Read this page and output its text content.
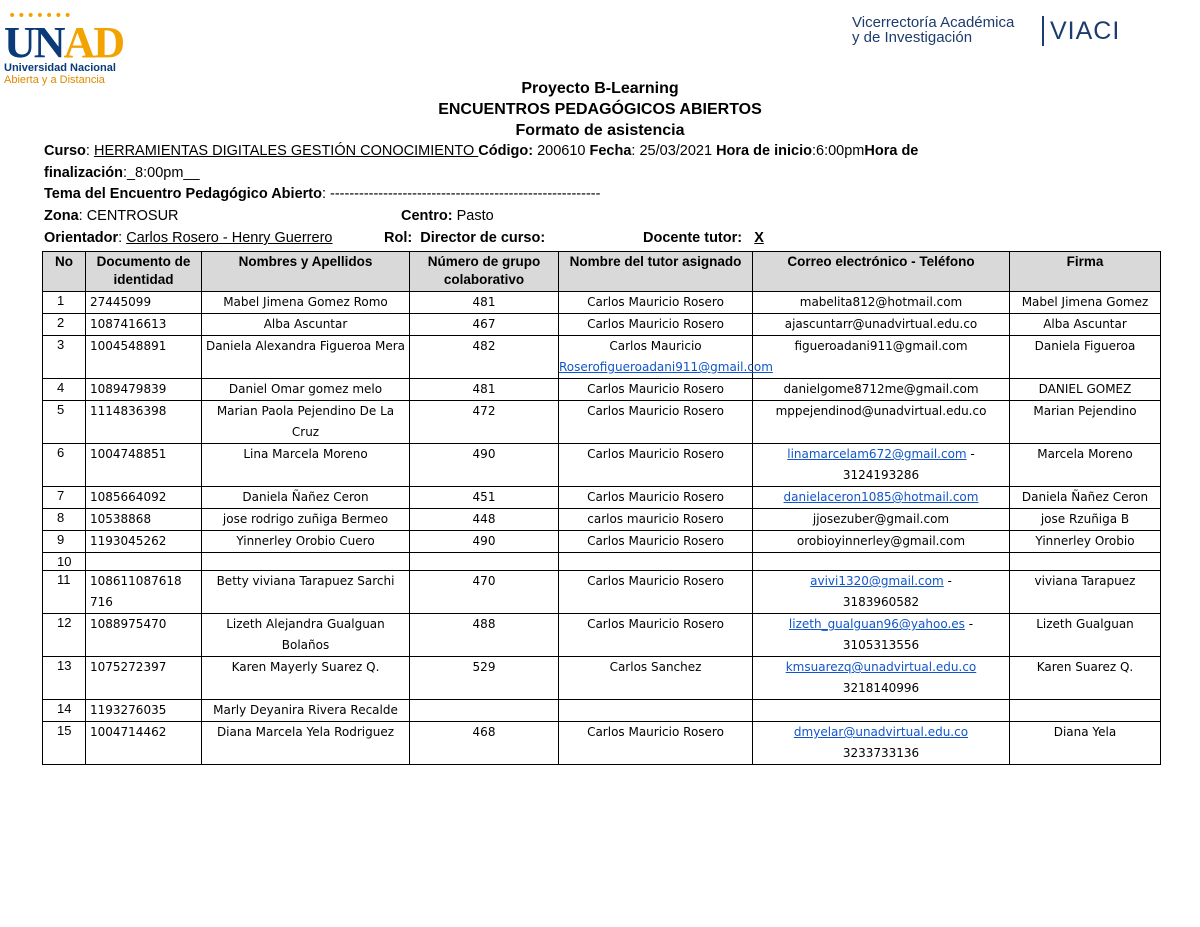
•••••••
UNAD
Universidad Nacional
Abierta y a Distancia
Vicerrectoría Académica
y de Investigación	VIACI
Proyecto B-Learning
ENCUENTROS PEDAGÓGICOS ABIERTOS
Formato de asistencia
Curso: HERRAMIENTAS DIGITALES GESTIÓN CONOCIMIENTO Código: 200610 Fecha: 25/03/2021 Hora de inicio:6:00pmHora de
finalización:_8:00pm__
Tema del Encuentro Pedagógico Abierto: --------------------------------------------------------
Zona: CENTROSUR	Centro: Pasto
Orientador: Carlos Rosero - Henry Guerrero	Rol: Director de curso:	Docente tutor: X
No	Documento de identidad	Nombres y Apellidos	Número de grupo colaborativo	Nombre del tutor asignado	Correo electrónico - Teléfono	Firma
1	27445099	Mabel Jimena Gomez Romo	481	Carlos Mauricio Rosero	mabelita812@hotmail.com	Mabel Jimena Gomez
2	1087416613	Alba Ascuntar	467	Carlos Mauricio Rosero	ajascuntarr@unadvirtual.edu.co	Alba Ascuntar
3	1004548891	Daniela Alexandra Figueroa Mera	482	Carlos Mauricio
Roserofigueroadani911@gmail.com	figueroadani911@gmail.com	Daniela Figueroa
4	1089479839	Daniel Omar gomez melo	481	Carlos Mauricio Rosero	danielgome8712me@gmail.com	DANIEL GOMEZ
5	1114836398	Marian Paola Pejendino De La Cruz	472	Carlos Mauricio Rosero	mppejendinod@unadvirtual.edu.co	Marian Pejendino
6	1004748851	Lina Marcela Moreno	490	Carlos Mauricio Rosero	linamarcelam672@gmail.com -
3124193286	Marcela Moreno
7	1085664092	Daniela Ñañez Ceron	451	Carlos Mauricio Rosero	danielaceron1085@hotmail.com	Daniela Ñañez Ceron
8	10538868	jose rodrigo zuñiga Bermeo	448	carlos mauricio Rosero	jjosezuber@gmail.com	jose Rzuñiga B
9	1193045262	Yinnerley Orobio Cuero	490	Carlos Mauricio Rosero	orobioyinnerley@gmail.com	Yinnerley Orobio
10						
11	108611087618 716	Betty viviana Tarapuez Sarchi	470	Carlos Mauricio Rosero	avivi1320@gmail.com -
3183960582	viviana Tarapuez
12	1088975470	Lizeth Alejandra Gualguan Bolaños	488	Carlos Mauricio Rosero	lizeth_gualguan96@yahoo.es -
3105313556	Lizeth Gualguan
13	1075272397	Karen Mayerly Suarez Q.	529	Carlos Sanchez	kmsuarezq@unadvirtual.edu.co
3218140996	Karen Suarez Q.
14	1193276035	Marly Deyanira Rivera Recalde				
15	1004714462	Diana Marcela Yela Rodriguez	468	Carlos Mauricio Rosero	dmyelar@unadvirtual.edu.co
3233733136	Diana Yela
